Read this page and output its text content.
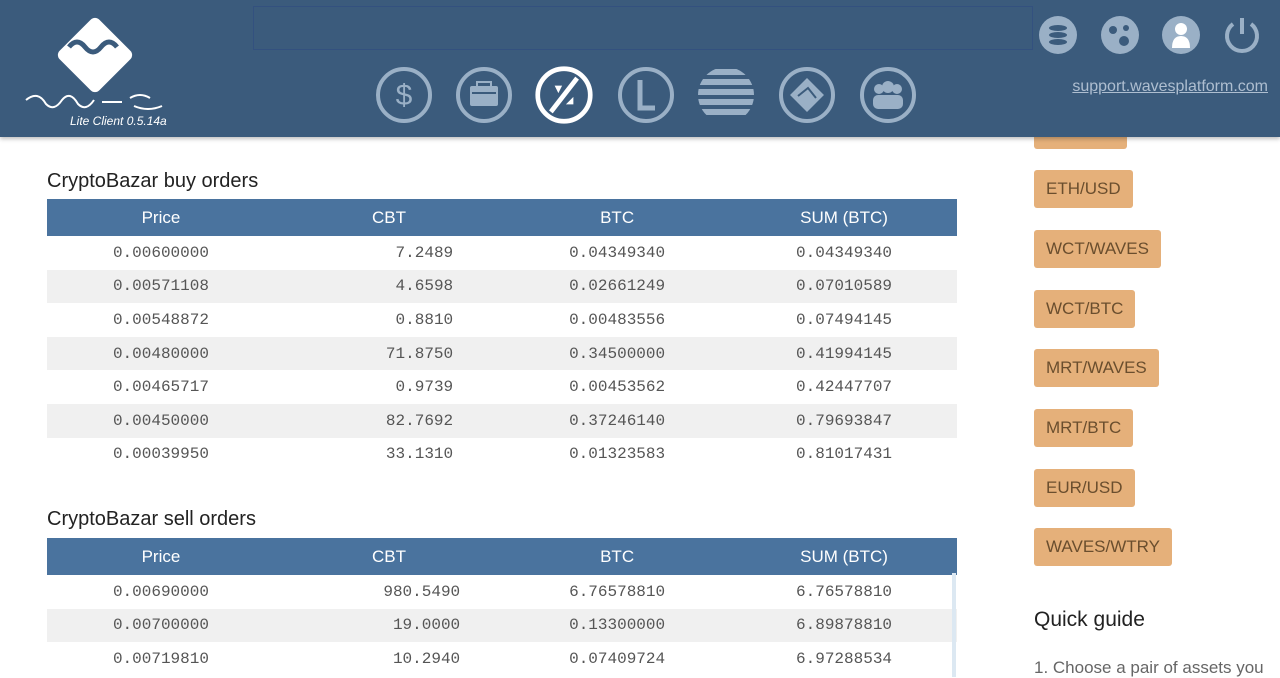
Lite Client 0.5.14a
$	support.wavesplatform.com
CryptoBazar buy orders
Price	CBT	BTC	SUM (BTC)
0.00600000	7.2489	0.04349340	0.04349340
0.00571108	4.6598	0.02661249	0.07010589
0.00548872	0.8810	0.00483556	0.07494145
0.00480000	71.8750	0.34500000	0.41994145
0.00465717	0.9739	0.00453562	0.42447707
0.00450000	82.7692	0.37246140	0.79693847
0.00039950	33.1310	0.01323583	0.81017431
CryptoBazar sell orders
Price	CBT	BTC	SUM (BTC)
0.00690000	980.5490	6.76578810	6.76578810
0.00700000	19.0000	0.13300000	6.89878810
0.00719810	10.2940	0.07409724	6.97288534
ETH/USD
WCT/WAVES
WCT/BTC
MRT/WAVES
MRT/BTC
EUR/USD
WAVES/WTRY
Quick guide
1. Choose a pair of assets you
